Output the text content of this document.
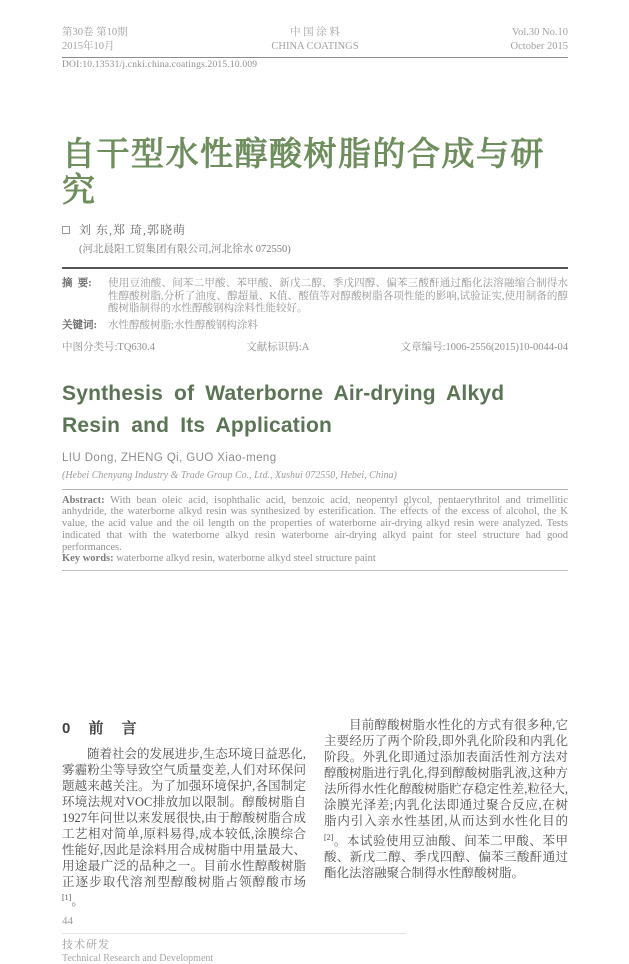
第30卷 第10期
2015年10月
中 国 涂 料
CHINA COATINGS
Vol.30 No.10
October 2015
DOI:10.13531/j.cnki.china.coatings.2015.10.009
自干型水性醇酸树脂的合成与研究
刘 东,郑 琦,郭晓萌
(河北晨阳工贸集团有限公司,河北徐水 072550)
摘  要:	使用豆油酸、间苯二甲酸、苯甲酸、新戊二醇、季戊四醇、偏苯三酸酐通过酯化法溶融缩合制得水性醇酸树脂,分析了油度、醇超量、K值、酸值等对醇酸树脂各项性能的影响,试验证实,使用制备的醇酸树脂制得的水性醇酸钢构涂料性能较好。
关键词:	水性醇酸树脂;水性醇酸钢构涂料
中图分类号:TQ630.4	文献标识码:A	文章编号:1006-2556(2015)10-0044-04
Synthesis of Waterborne Air-drying Alkyd Resin and Its Application
LIU Dong, ZHENG Qi, GUO Xiao-meng
(Hebei Chenyang Industry & Trade Group Co., Ltd., Xushui 072550, Hebei, China)

Abstract: With bean oleic acid, isophthalic acid, benzoic acid, neopentyl glycol, pentaerythritol and trimellitic anhydride, the waterborne alkyd resin was synthesized by esterification. The effects of the excess of alcohol, the K value, the acid value and the oil length on the properties of waterborne air-drying alkyd resin were analyzed. Tests indicated that with the waterborne alkyd resin waterborne air-drying alkyd paint for steel structure had good performances.

Key words: waterborne alkyd resin, waterborne alkyd steel structure paint

0 前 言

随着社会的发展进步,生态环境日益恶化,雾霾粉尘等导致空气质量变差,人们对环保问题越来越关注。为了加强环境保护,各国制定环境法规对VOC排放加以限制。醇酸树脂自1927年问世以来发展很快,由于醇酸树脂合成工艺相对简单,原料易得,成本较低,涂膜综合性能好,因此是涂料用合成树脂中用量最大、用途最广泛的品种之一。目前水性醇酸树脂正逐步取代溶剂型醇酸树脂占领醇酸市场[1]。

目前醇酸树脂水性化的方式有很多种,它主要经历了两个阶段,即外乳化阶段和内乳化阶段。外乳化即通过添加表面活性剂方法对醇酸树脂进行乳化,得到醇酸树脂乳液,这种方法所得水性化醇酸树脂贮存稳定性差,粒径大,涂膜光泽差;内乳化法即通过聚合反应,在树脂内引入亲水性基团,从而达到水性化目的[2]。本试验使用豆油酸、间苯二甲酸、苯甲酸、新戊二醇、季戊四醇、偏苯三酸酐通过酯化法溶融聚合制得水性醇酸树脂。

44
技术研发
Technical Research and Development
